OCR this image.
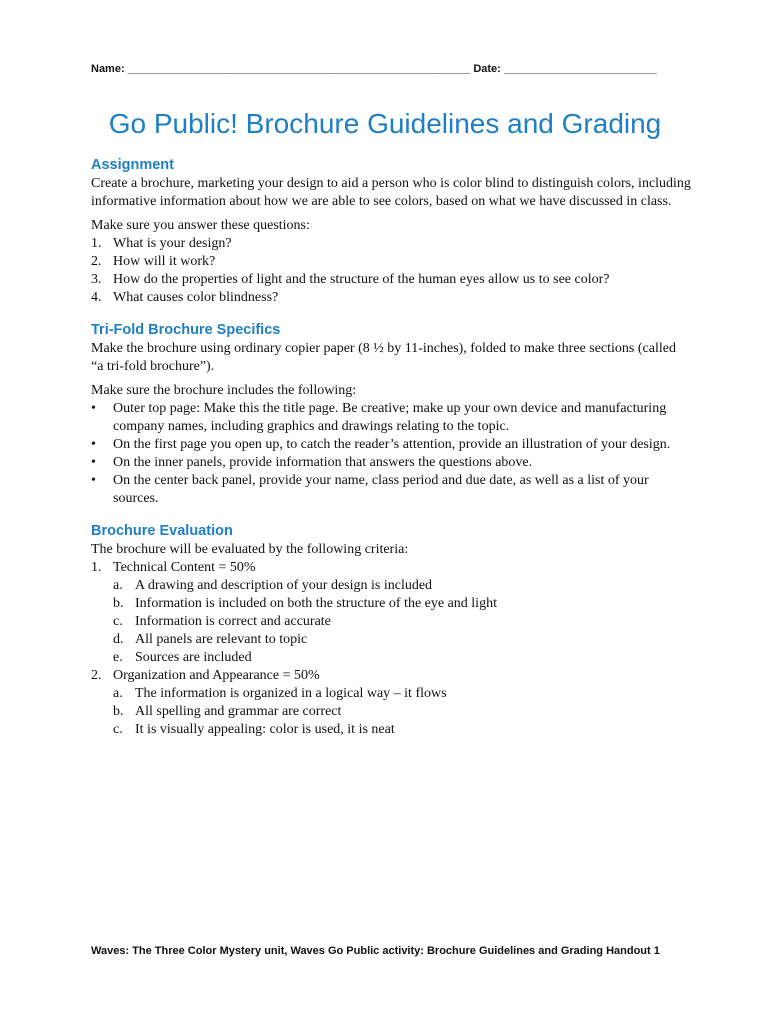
Name: ________________________________________________________ Date: _________________________
Go Public! Brochure Guidelines and Grading
Assignment

Create a brochure, marketing your design to aid a person who is color blind to distinguish colors, including informative information about how we are able to see colors, based on what we have discussed in class.

Make sure you answer these questions:

1. What is your design?
2. How will it work?
3. How do the properties of light and the structure of the human eyes allow us to see color?
4. What causes color blindness?
Tri-Fold Brochure Specifics

Make the brochure using ordinary copier paper (8 ½ by 11-inches), folded to make three sections (called “a tri-fold brochure”).

Make sure the brochure includes the following:

• Outer top page: Make this the title page. Be creative; make up your own device and manufacturing company names, including graphics and drawings relating to the topic.
• On the first page you open up, to catch the reader’s attention, provide an illustration of your design.
• On the inner panels, provide information that answers the questions above.
• On the center back panel, provide your name, class period and due date, as well as a list of your sources.
Brochure Evaluation

The brochure will be evaluated by the following criteria:

1. Technical Content = 50%
a. A drawing and description of your design is included
b. Information is included on both the structure of the eye and light
c. Information is correct and accurate
d. All panels are relevant to topic
e. Sources are included
2. Organization and Appearance = 50%
a. The information is organized in a logical way – it flows
b. All spelling and grammar are correct
c. It is visually appealing: color is used, it is neat
Waves: The Three Color Mystery unit, Waves Go Public activity: Brochure Guidelines and Grading Handout 1
